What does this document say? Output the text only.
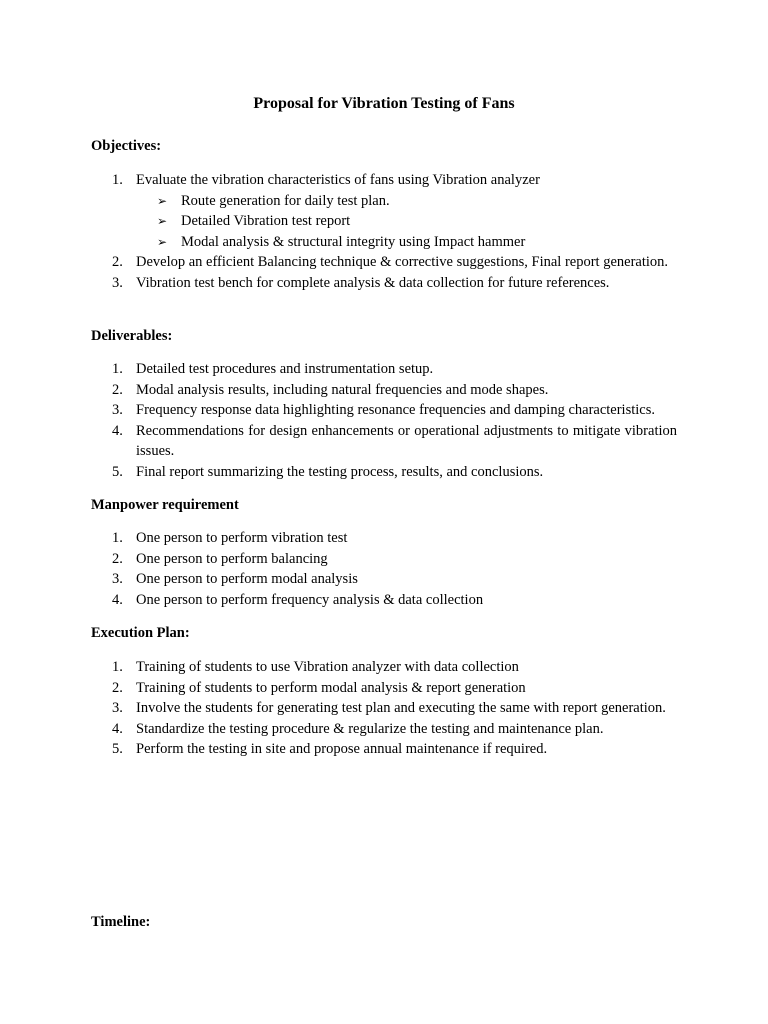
Proposal for Vibration Testing of Fans
Objectives:
1. Evaluate the vibration characteristics of fans using Vibration analyzer
➢ Route generation for daily test plan.
➢ Detailed Vibration test report
➢ Modal analysis & structural integrity using Impact hammer
2. Develop an efficient Balancing technique & corrective suggestions, Final report generation.
3. Vibration test bench for complete analysis & data collection for future references.
Deliverables:
1. Detailed test procedures and instrumentation setup.
2. Modal analysis results, including natural frequencies and mode shapes.
3. Frequency response data highlighting resonance frequencies and damping characteristics.
4. Recommendations for design enhancements or operational adjustments to mitigate vibration issues.
5. Final report summarizing the testing process, results, and conclusions.
Manpower requirement
1. One person to perform vibration test
2. One person to perform balancing
3. One person to perform modal analysis
4. One person to perform frequency analysis & data collection
Execution Plan:
1. Training of students to use Vibration analyzer with data collection
2. Training of students to perform modal analysis & report generation
3. Involve the students for generating test plan and executing the same with report generation.
4. Standardize the testing procedure & regularize the testing and maintenance plan.
5. Perform the testing in site and propose annual maintenance if required.
Timeline:
